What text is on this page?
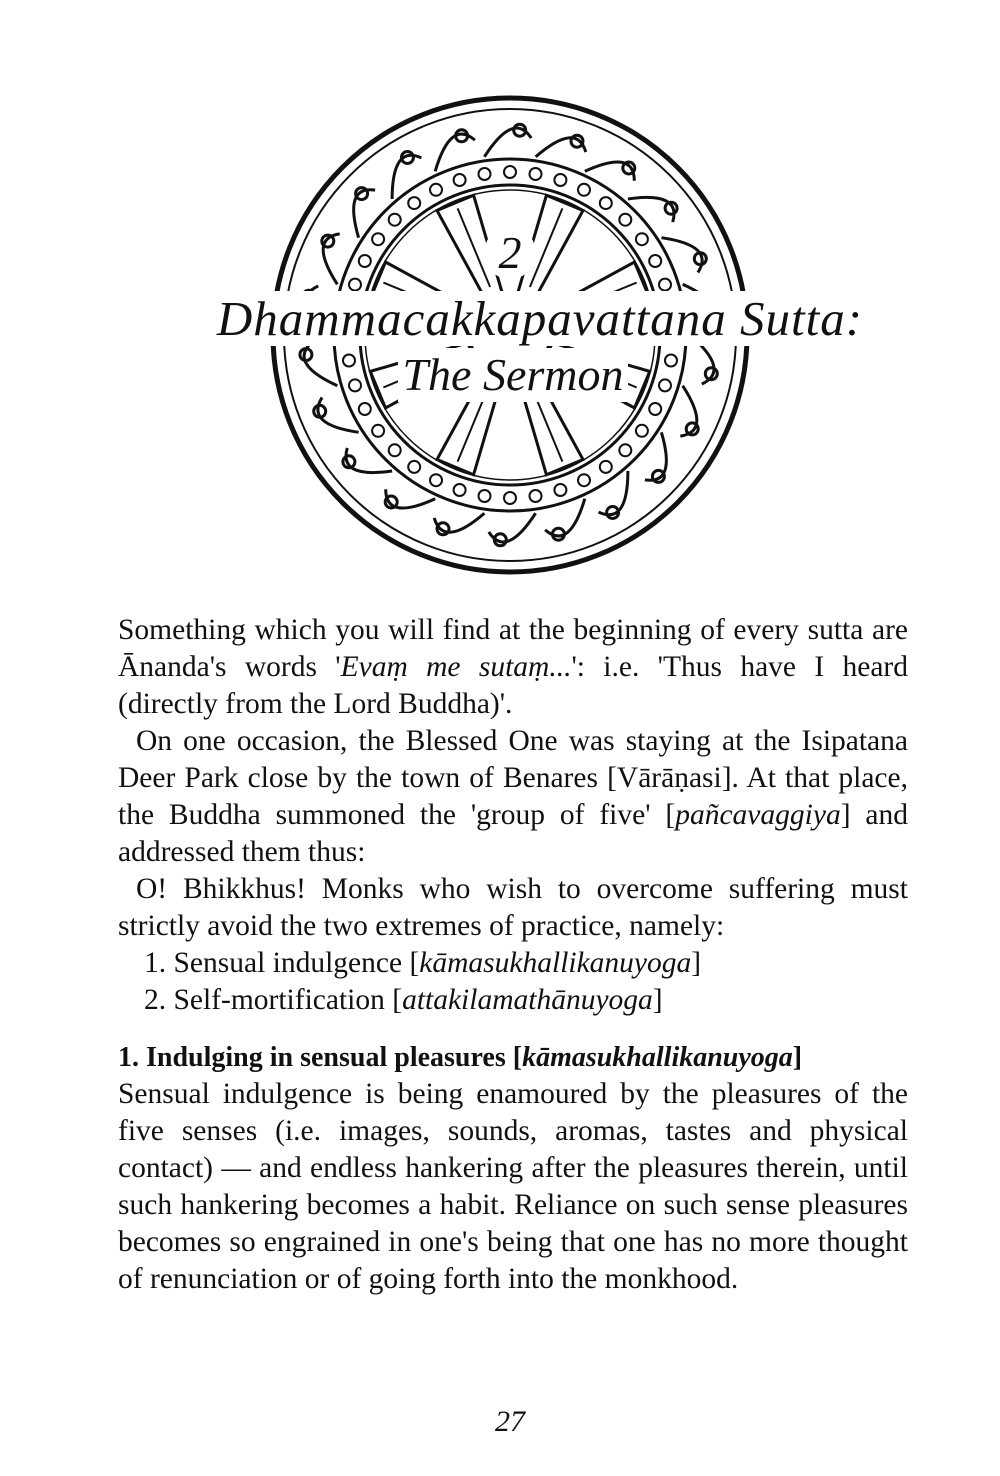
2
Dhammacakkapavattana Sutta:
The Sermon

Something which you will find at the beginning of every sutta are Ānanda's words 'Evaṃ me sutaṃ...': i.e. 'Thus have I heard (directly from the Lord Buddha)'.

On one occasion, the Blessed One was staying at the Isipatana Deer Park close by the town of Benares [Vārāṇasi]. At that place, the Buddha summoned the 'group of five' [pañcavaggiya] and addressed them thus:

O! Bhikkhus! Monks who wish to overcome suffering must strictly avoid the two extremes of practice, namely:

1. Sensual indulgence [kāmasukhallikanuyoga]

2. Self-mortification [attakilamathānuyoga]

1. Indulging in sensual pleasures [kāmasukhallikanuyoga]

Sensual indulgence is being enamoured by the pleasures of the five senses (i.e. images, sounds, aromas, tastes and physical contact) — and endless hankering after the pleasures therein, until such hankering becomes a habit. Reliance on such sense pleasures becomes so engrained in one's being that one has no more thought of renunciation or of going forth into the monkhood.

27
